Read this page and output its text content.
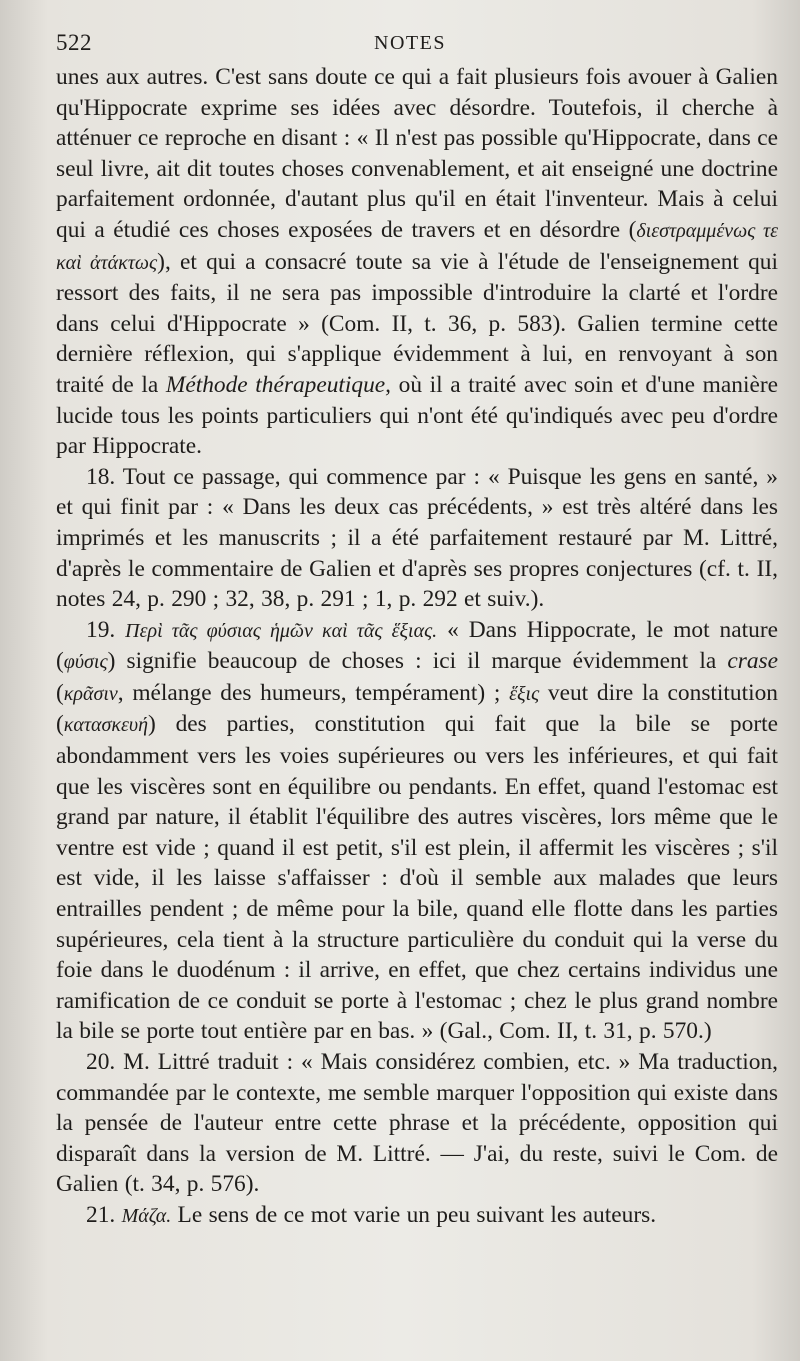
522	NOTES

unes aux autres. C'est sans doute ce qui a fait plusieurs fois avouer à Galien qu'Hippocrate exprime ses idées avec désordre. Toutefois, il cherche à atténuer ce reproche en disant : « Il n'est pas possible qu'Hippocrate, dans ce seul livre, ait dit toutes choses convenablement, et ait enseigné une doctrine parfaitement ordonnée, d'autant plus qu'il en était l'inventeur. Mais à celui qui a étudié ces choses exposées de travers et en désordre (διεστραμμένως τε καὶ ἀτάκτως), et qui a consacré toute sa vie à l'étude de l'enseignement qui ressort des faits, il ne sera pas impossible d'introduire la clarté et l'ordre dans celui d'Hippocrate » (Com. II, t. 36, p. 583). Galien termine cette dernière réflexion, qui s'applique évidemment à lui, en renvoyant à son traité de la Méthode thérapeutique, où il a traité avec soin et d'une manière lucide tous les points particuliers qui n'ont été qu'indiqués avec peu d'ordre par Hippocrate.

18. Tout ce passage, qui commence par : « Puisque les gens en santé, » et qui finit par : « Dans les deux cas précédents, » est très altéré dans les imprimés et les manuscrits ; il a été parfaitement restauré par M. Littré, d'après le commentaire de Galien et d'après ses propres conjectures (cf. t. II, notes 24, p. 290 ; 32, 38, p. 291 ; 1, p. 292 et suiv.).

19. Περὶ τᾶς φύσιας ἡμῶν καὶ τᾶς ἕξιας. « Dans Hippocrate, le mot nature (φύσις) signifie beaucoup de choses : ici il marque évidemment la crase (κρᾶσιν, mélange des humeurs, tempérament) ; ἕξις veut dire la constitution (κατασκευή) des parties, constitution qui fait que la bile se porte abondamment vers les voies supérieures ou vers les inférieures, et qui fait que les viscères sont en équilibre ou pendants. En effet, quand l'estomac est grand par nature, il établit l'équilibre des autres viscères, lors même que le ventre est vide ; quand il est petit, s'il est plein, il affermit les viscères ; s'il est vide, il les laisse s'affaisser : d'où il semble aux malades que leurs entrailles pendent ; de même pour la bile, quand elle flotte dans les parties supérieures, cela tient à la structure particulière du conduit qui la verse du foie dans le duodénum : il arrive, en effet, que chez certains individus une ramification de ce conduit se porte à l'estomac ; chez le plus grand nombre la bile se porte tout entière par en bas. » (Gal., Com. II, t. 31, p. 570.)

20. M. Littré traduit : « Mais considérez combien, etc. » Ma traduction, commandée par le contexte, me semble marquer l'opposition qui existe dans la pensée de l'auteur entre cette phrase et la précédente, opposition qui disparaît dans la version de M. Littré. — J'ai, du reste, suivi le Com. de Galien (t. 34, p. 576).

21. Μάζα. Le sens de ce mot varie un peu suivant les auteurs.
